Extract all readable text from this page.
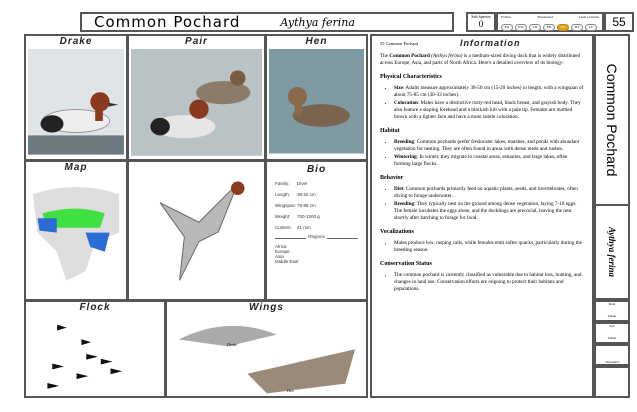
Common Pochard	Aythya ferina	Sub Species
0
Extinct	Threatened	Least Concern
EX	EW	CR	EN	VU	NT	LC	55
Drake	Pair	Hen
Map	Bio
Family:	Diver
Length:	38-50 cm
Wingspan: 75-85 cm
Weight:	700-1500 g
Culmen:	41 mm
Regions
Africa
Europe
Asia
Middle East
Flock	Wings
Drake
Hen
55 Common Pochard	Information

The Common Pochard (Aythya ferina) is a medium-sized diving duck that is widely distributed across Europe, Asia, and parts of North Africa. Here's a detailed overview of its biology:

Physical Characteristics
• Size: Adults measure approximately 38-50 cm (15-20 inches) in length, with a wingspan of about 75-85 cm (30-33 inches).
• Coloration: Males have a distinctive rusty-red head, black breast, and grayish body. They also feature a sloping forehead and a blackish bill with a pale tip. Females are mottled brown with a lighter face and have a more subtle coloration.
Habitat
• Breeding: Common pochards prefer freshwater lakes, marshes, and ponds with abundant vegetation for nesting. They are often found in areas with dense reeds and rushes.
• Wintering: In winter, they migrate to coastal areas, estuaries, and large lakes, often forming large flocks.
Behavior
• Diet: Common pochards primarily feed on aquatic plants, seeds, and invertebrates, often diving to forage underwater.
• Breeding: They typically nest on the ground among dense vegetation, laying 7-10 eggs. The female incubates the eggs alone, and the ducklings are precocial, leaving the nest shortly after hatching to forage for food.
Vocalizations
• Males produce low, rasping calls, while females emit softer quacks, particularly during the breeding season.
Conservation Status
• The common pochard is currently classified as vulnerable due to habitat loss, hunting, and changes in land use. Conservation efforts are ongoing to protect their habitats and populations.
Common Pochard
Aythya ferina
Date
Taken
Sex
Taken
Wounded
